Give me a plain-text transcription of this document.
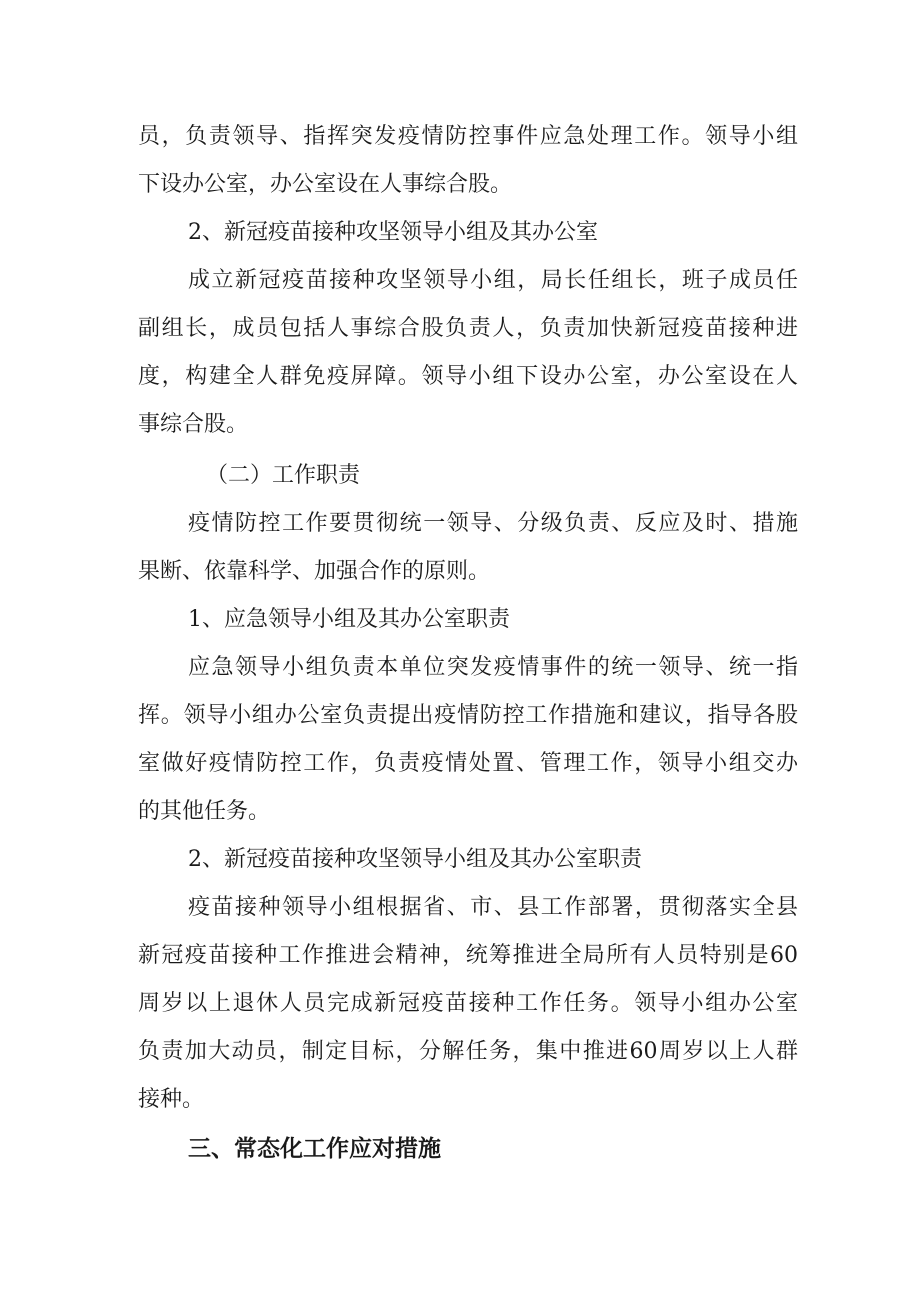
员，负责领导、指挥突发疫情防控事件应急处理工作。领导小组

下设办公室，办公室设在人事综合股。

2、新冠疫苗接种攻坚领导小组及其办公室

成立新冠疫苗接种攻坚领导小组，局长任组长，班子成员任

副组长，成员包括人事综合股负责人，负责加快新冠疫苗接种进

度，构建全人群免疫屏障。领导小组下设办公室，办公室设在人

事综合股。

（二）工作职责

疫情防控工作要贯彻统一领导、分级负责、反应及时、措施

果断、依靠科学、加强合作的原则。

1、应急领导小组及其办公室职责

应急领导小组负责本单位突发疫情事件的统一领导、统一指

挥。领导小组办公室负责提出疫情防控工作措施和建议，指导各股

室做好疫情防控工作，负责疫情处置、管理工作，领导小组交办

的其他任务。

2、新冠疫苗接种攻坚领导小组及其办公室职责

疫苗接种领导小组根据省、市、县工作部署，贯彻落实全县

新冠疫苗接种工作推进会精神，统筹推进全局所有人员特别是60

周岁以上退休人员完成新冠疫苗接种工作任务。领导小组办公室

负责加大动员，制定目标，分解任务，集中推进60周岁以上人群

接种。

三、常态化工作应对措施
